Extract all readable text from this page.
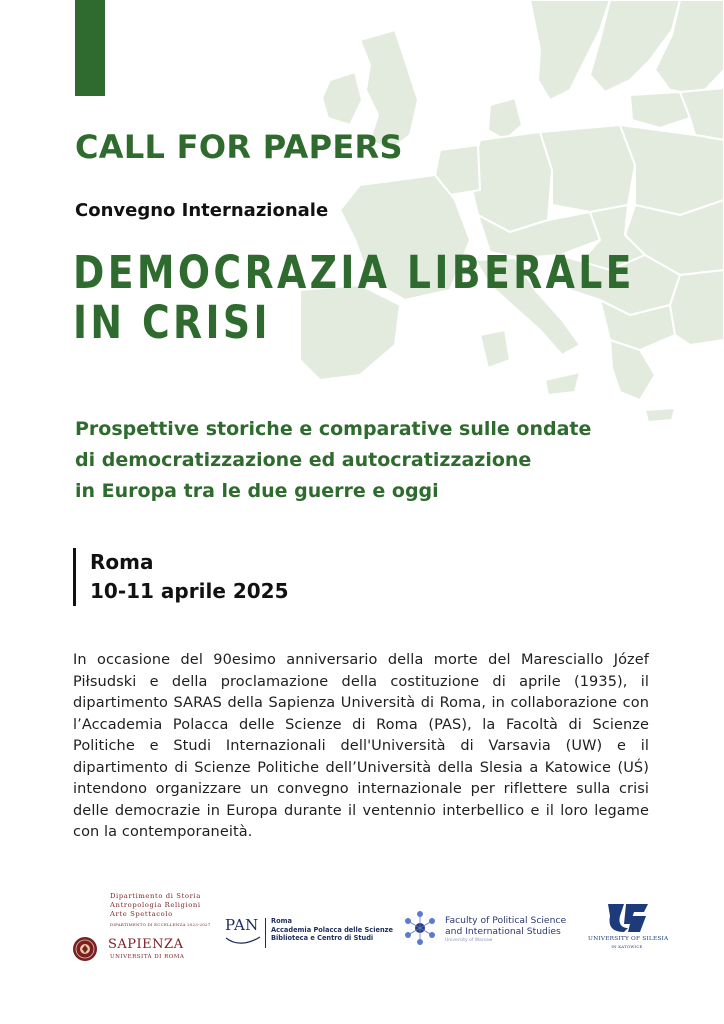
CALL FOR PAPERS
Convegno Internazionale
DEMOCRAZIA LIBERALE
IN CRISI

Prospettive storiche e comparative sulle ondate
di democratizzazione ed autocratizzazione
in Europa tra le due guerre e oggi

Roma
10-11 aprile 2025

In occasione del 90esimo anniversario della morte del Maresciallo Józef Piłsudski e della proclamazione della costituzione di aprile (1935), il dipartimento SARAS della Sapienza Università di Roma, in collaborazione con l’Accademia Polacca delle Scienze di Roma (PAS), la Facoltà di Scienze Politiche e Studi Internazionali dell'Università di Varsavia (UW) e il dipartimento di Scienze Politiche dell’Università della Slesia a Katowice (UŚ) intendono organizzare un convegno internazionale per riflettere sulla crisi delle democrazie in Europa durante il ventennio interbellico e il loro legame con la contemporaneità.

Dipartimento di Storia
Antropologia Religioni
Arte Spettacolo
DIPARTIMENTO DI ECCELLENZA 2023-2027
SAPIENZA
UNIVERSITÀ DI ROMA
PAN Roma
Accademia Polacca delle Scienze
Biblioteca e Centro di Studi
Faculty of Political Science
and International Studies
University of Warsaw	UNIVERSITY OF SILESIA
IN KATOWICE
